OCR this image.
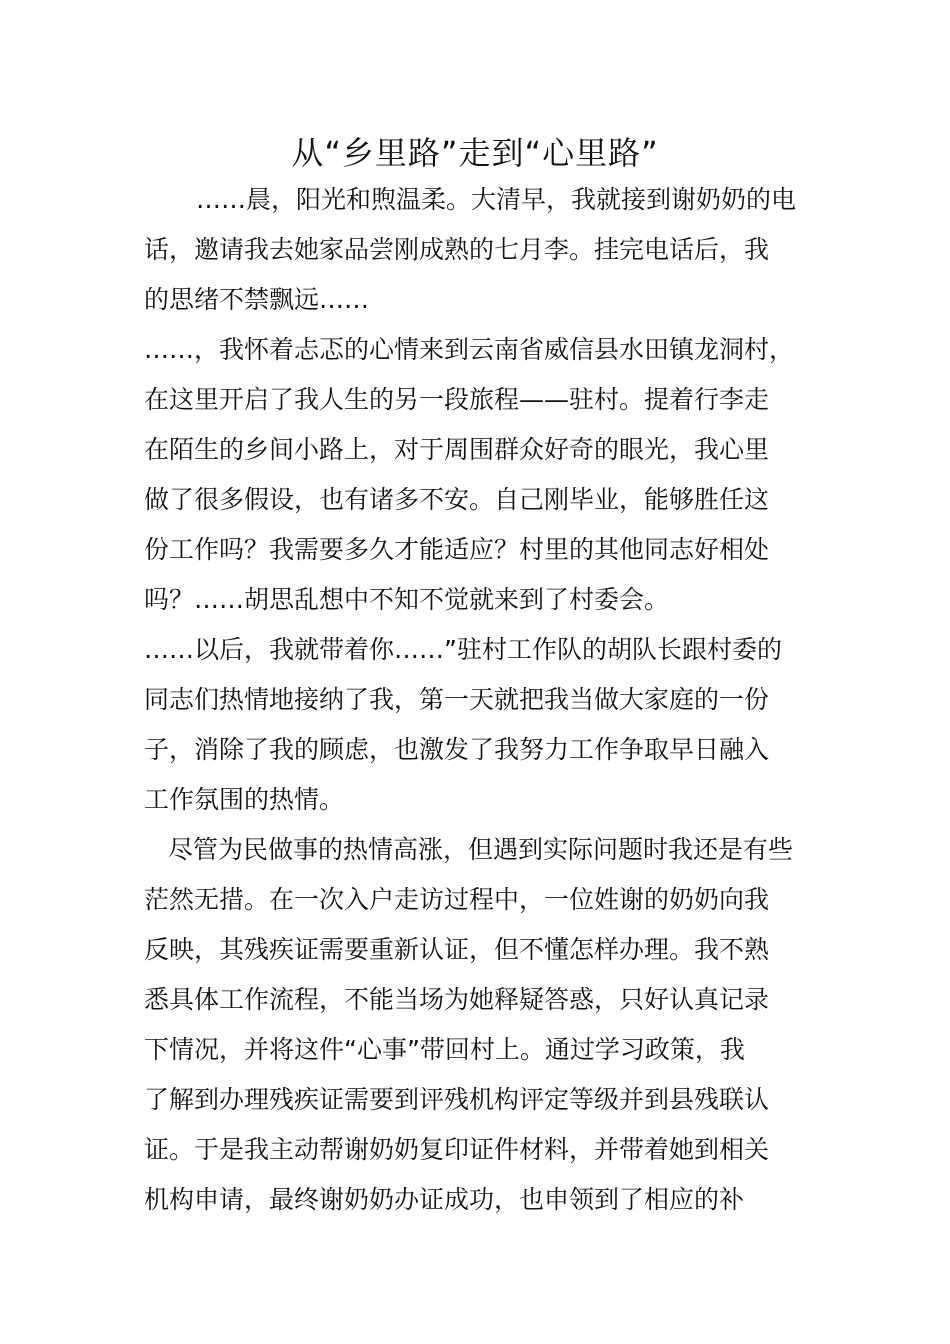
从“乡里路”走到“心里路”
……晨，阳光和煦温柔。大清早，我就接到谢奶奶的电
话，邀请我去她家品尝刚成熟的七月李。挂完电话后，我
的思绪不禁飘远……
……，我怀着忐忑的心情来到云南省威信县水田镇龙洞村，
在这里开启了我人生的另一段旅程——驻村。提着行李走
在陌生的乡间小路上，对于周围群众好奇的眼光，我心里
做了很多假设，也有诸多不安。自己刚毕业，能够胜任这
份工作吗？我需要多久才能适应？村里的其他同志好相处
吗？……胡思乱想中不知不觉就来到了村委会。
……以后，我就带着你……”驻村工作队的胡队长跟村委的
同志们热情地接纳了我，第一天就把我当做大家庭的一份
子，消除了我的顾虑，也激发了我努力工作争取早日融入
工作氛围的热情。
尽管为民做事的热情高涨，但遇到实际问题时我还是有些
茫然无措。在一次入户走访过程中，一位姓谢的奶奶向我
反映，其残疾证需要重新认证，但不懂怎样办理。我不熟
悉具体工作流程，不能当场为她释疑答惑，只好认真记录
下情况，并将这件“心事”带回村上。通过学习政策，我
了解到办理残疾证需要到评残机构评定等级并到县残联认
证。于是我主动帮谢奶奶复印证件材料，并带着她到相关
机构申请，最终谢奶奶办证成功，也申领到了相应的补
